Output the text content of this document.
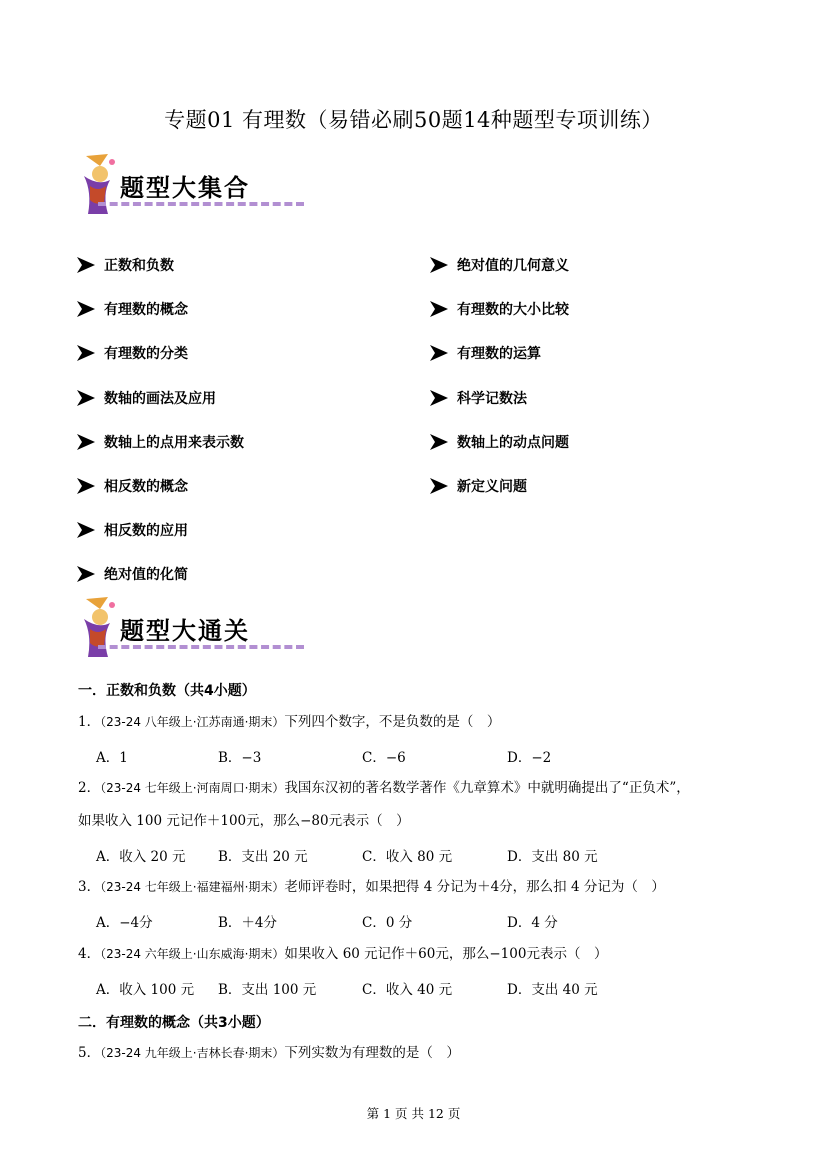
专题01 有理数（易错必刷50题14种题型专项训练）
题型大集合
正数和负数
有理数的概念
有理数的分类
数轴的画法及应用
数轴上的点用来表示数
相反数的概念
相反数的应用
绝对值的化简
绝对值的几何意义
有理数的大小比较
有理数的运算
科学记数法
数轴上的动点问题
新定义问题
题型大通关
一．正数和负数（共4小题）
1．（23-24 八年级上·江苏南通·期末）下列四个数字，不是负数的是（　）
A．1	B．−3	C．−6	D．−2
2．（23-24 七年级上·河南周口·期末）我国东汉初的著名数学著作《九章算术》中就明确提出了“正负术”，
如果收入 100 元记作＋100元，那么−80元表示（　）
A．收入 20 元 B．支出 20 元	C．收入 80 元	D．支出 80 元
3．（23-24 七年级上·福建福州·期末）老师评卷时，如果把得 4 分记为＋4分，那么扣 4 分记为（　）
A．−4分	B．＋4分	C．0 分	D．4 分
4．（23-24 六年级上·山东威海·期末）如果收入 60 元记作＋60元，那么−100元表示（　）
A．收入 100 元 B．支出 100 元	C．收入 40 元	D．支出 40 元
二．有理数的概念（共3小题）
5．（23-24 九年级上·吉林长春·期末）下列实数为有理数的是（　）
第 1 页 共 12 页
